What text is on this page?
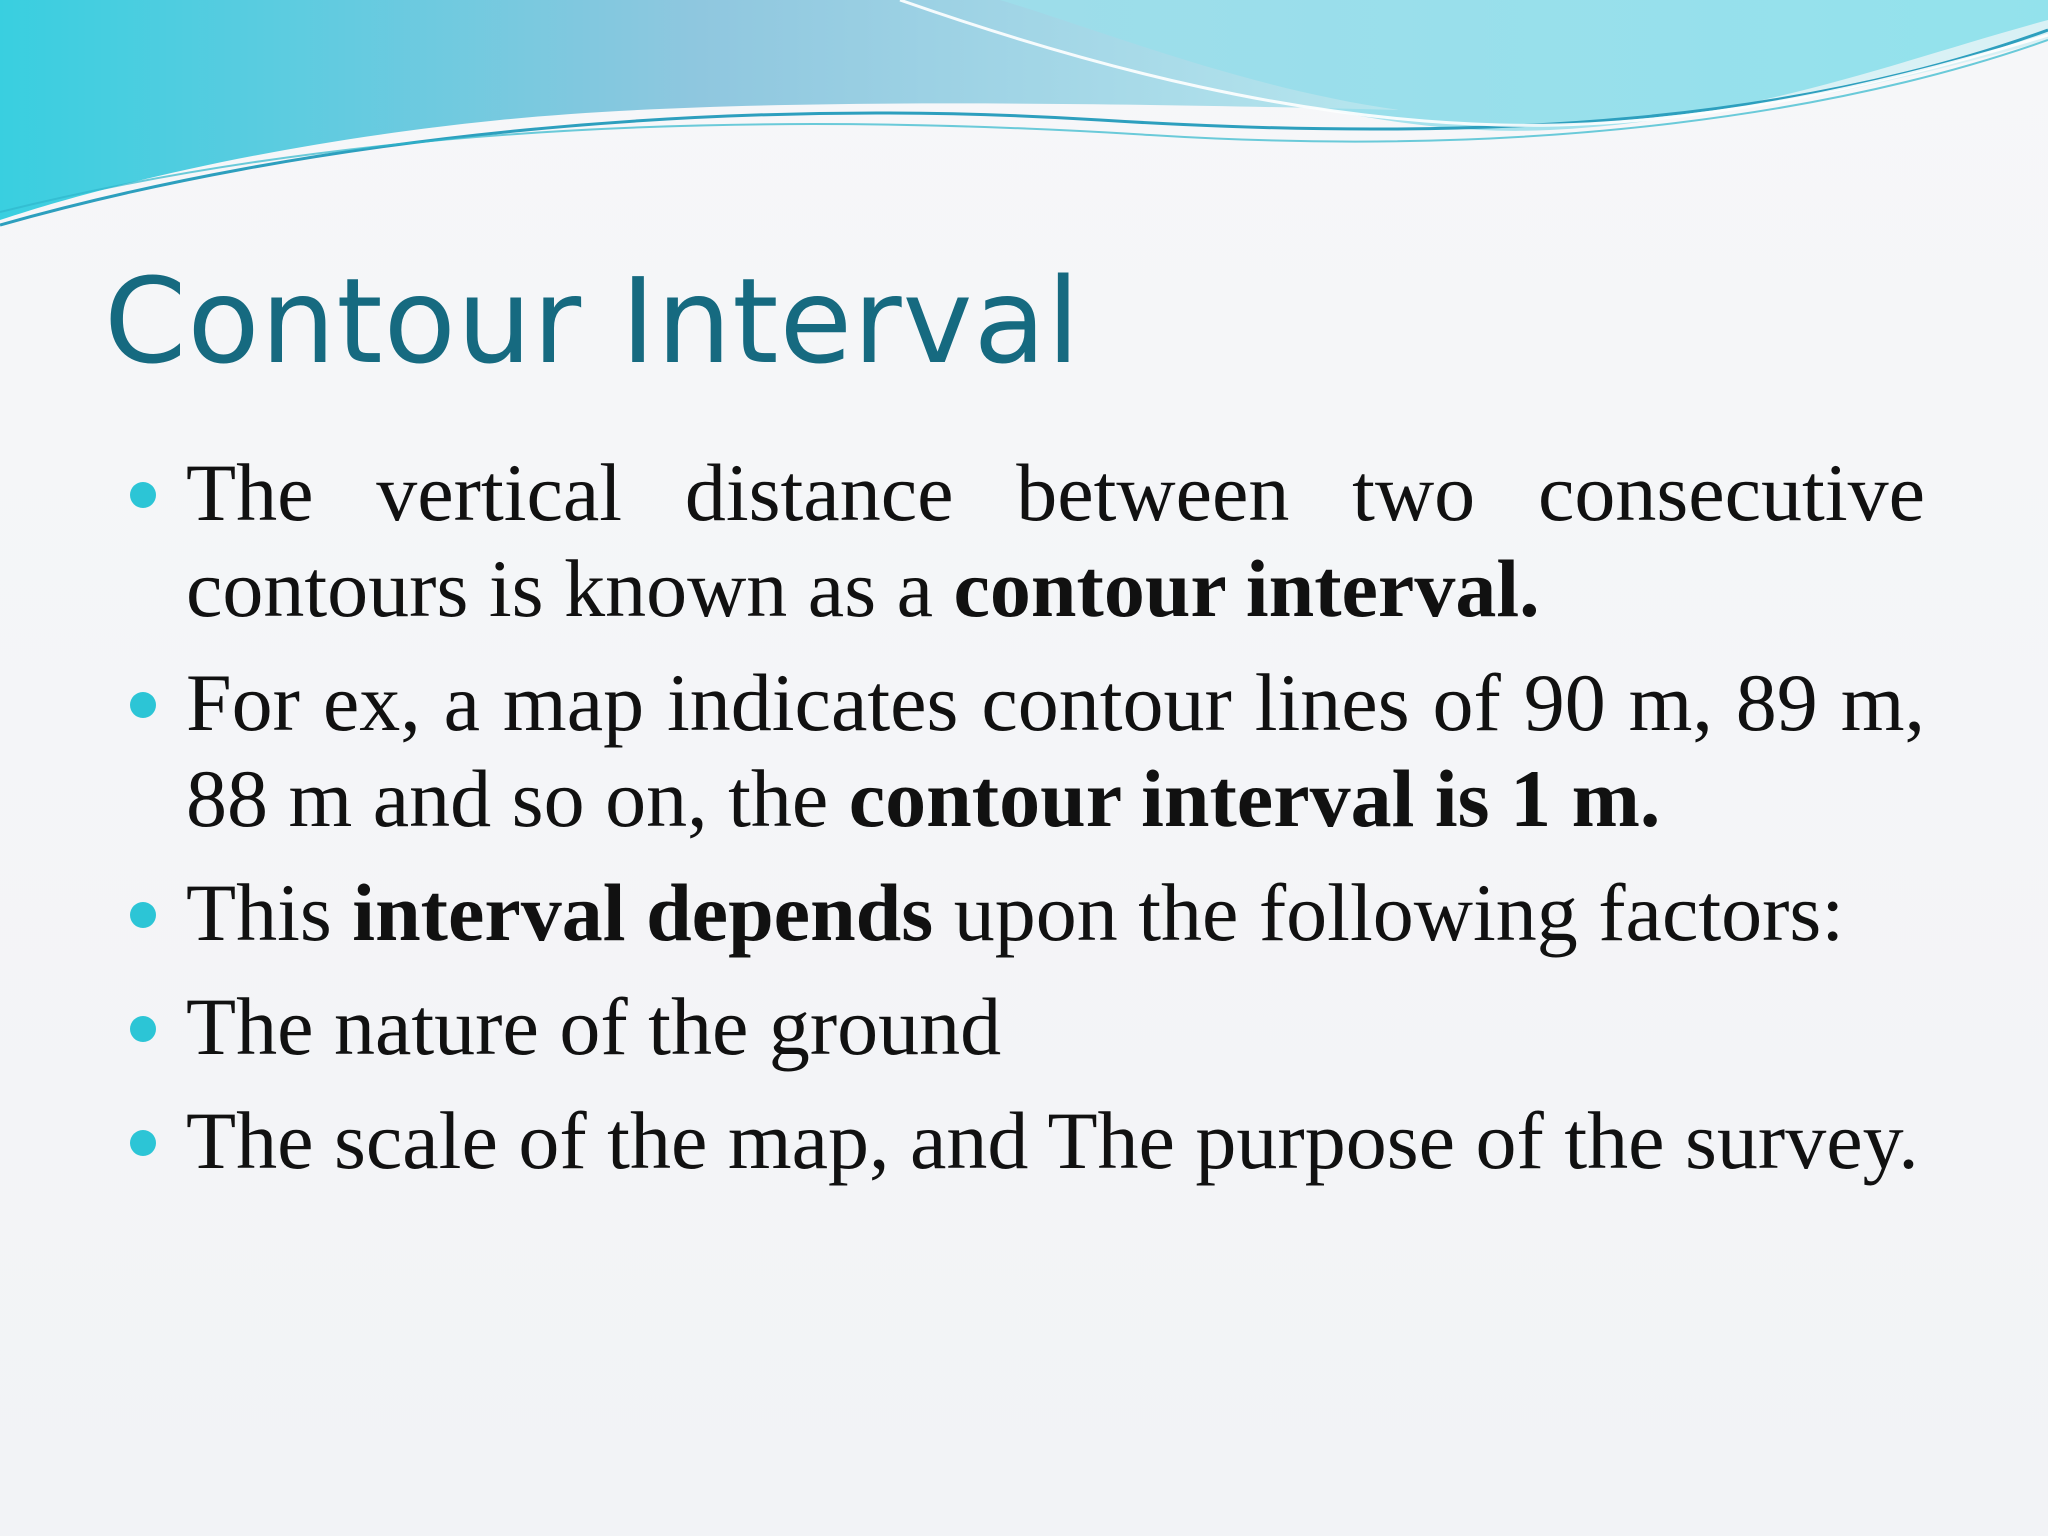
Contour Interval
The vertical distance between two consecutive contours is known as a contour interval.
For ex, a map indicates contour lines of 90 m, 89 m, 88 m and so on, the contour interval is 1 m.
This interval depends upon the following factors:
The nature of the ground
The scale of the map, and The purpose of the survey.
